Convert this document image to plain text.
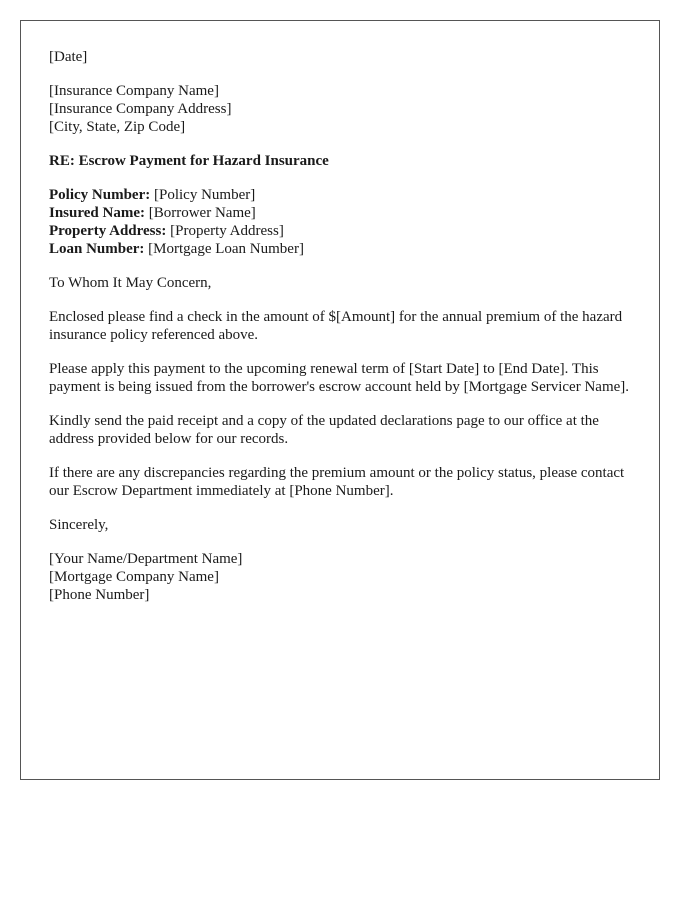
[Date]
[Insurance Company Name]
[Insurance Company Address]
[City, State, Zip Code]
RE: Escrow Payment for Hazard Insurance
Policy Number: [Policy Number]
Insured Name: [Borrower Name]
Property Address: [Property Address]
Loan Number: [Mortgage Loan Number]

To Whom It May Concern,

Enclosed please find a check in the amount of $[Amount] for the annual premium of the hazard insurance policy referenced above.

Please apply this payment to the upcoming renewal term of [Start Date] to [End Date]. This payment is being issued from the borrower's escrow account held by [Mortgage Servicer Name].

Kindly send the paid receipt and a copy of the updated declarations page to our office at the address provided below for our records.

If there are any discrepancies regarding the premium amount or the policy status, please contact our Escrow Department immediately at [Phone Number].

Sincerely,

[Your Name/Department Name]
[Mortgage Company Name]
[Phone Number]
